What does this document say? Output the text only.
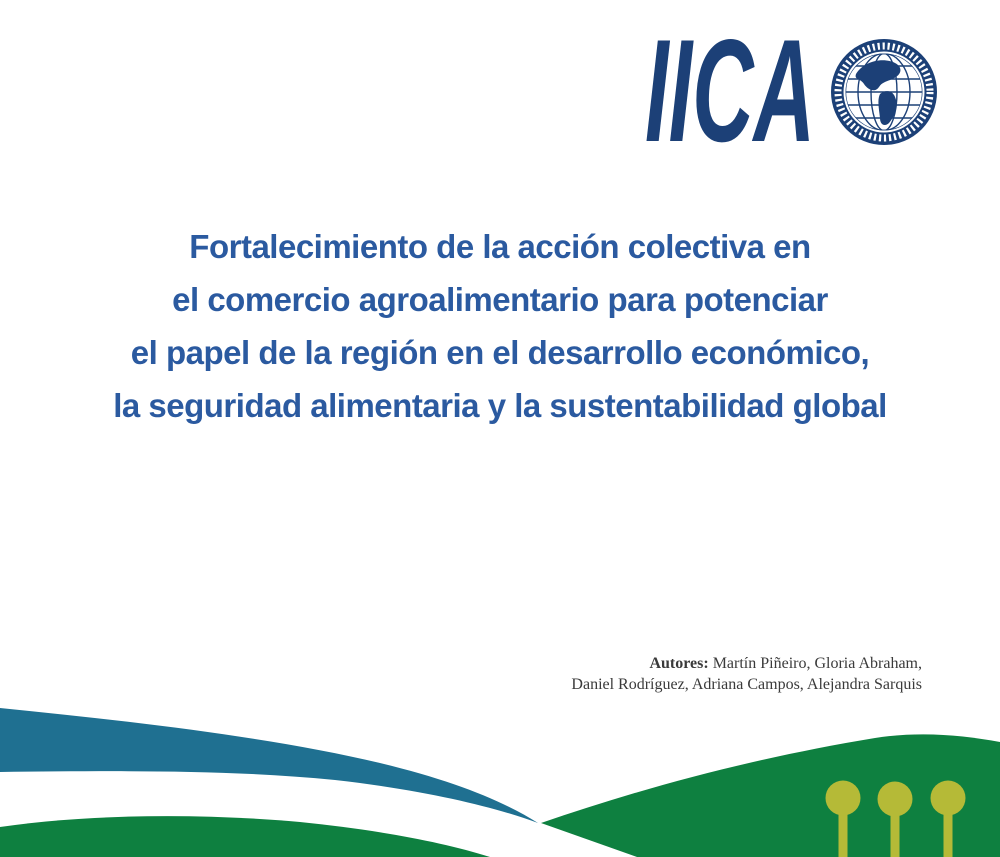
IICA
Fortalecimiento de la acción colectiva en
el comercio agroalimentario para potenciar
el papel de la región en el desarrollo económico,
la seguridad alimentaria y la sustentabilidad global
Autores: Martín Piñeiro, Gloria Abraham,
Daniel Rodríguez, Adriana Campos, Alejandra Sarquis
